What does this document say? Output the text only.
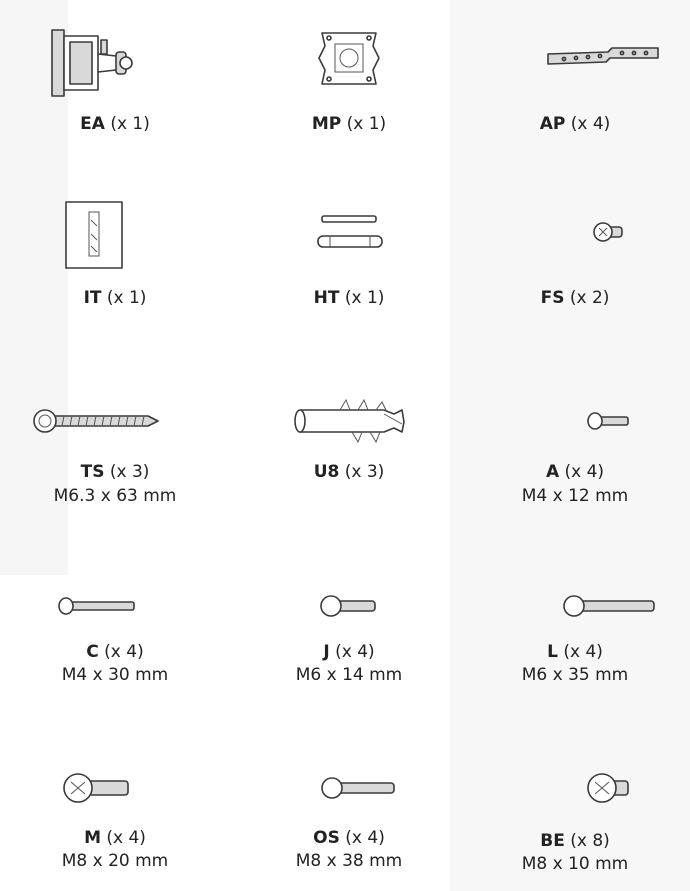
EA (x 1)	MP (x 1)	AP (x 4)
IT (x 1)	HT (x 1)	FS (x 2)
TS (x 3)
M6.3 x 63 mm
U8 (x 3)	A (x 4)
M4 x 12 mm
C (x 4)
M4 x 30 mm
J (x 4)
M6 x 14 mm
L (x 4)
M6 x 35 mm
M (x 4)
M8 x 20 mm
OS (x 4)
M8 x 38 mm
BE (x 8)
M8 x 10 mm
